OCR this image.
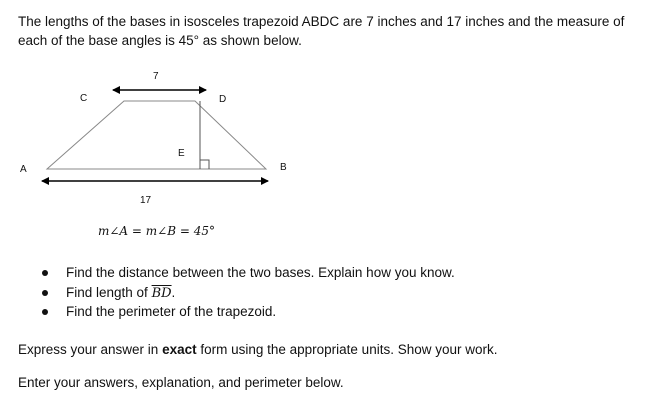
The lengths of the bases in isosceles trapezoid ABDC are 7 inches and 17 inches and the measure of each of the base angles is 45° as shown below.

7
C	D
E
A	B
17
m∠A = m∠B = 45°
Find the distance between the two bases. Explain how you know.
Find length of $\overline{BD}$.
Find the perimeter of the trapezoid.

Express your answer in exact form using the appropriate units. Show your work.

Enter your answers, explanation, and perimeter below.
